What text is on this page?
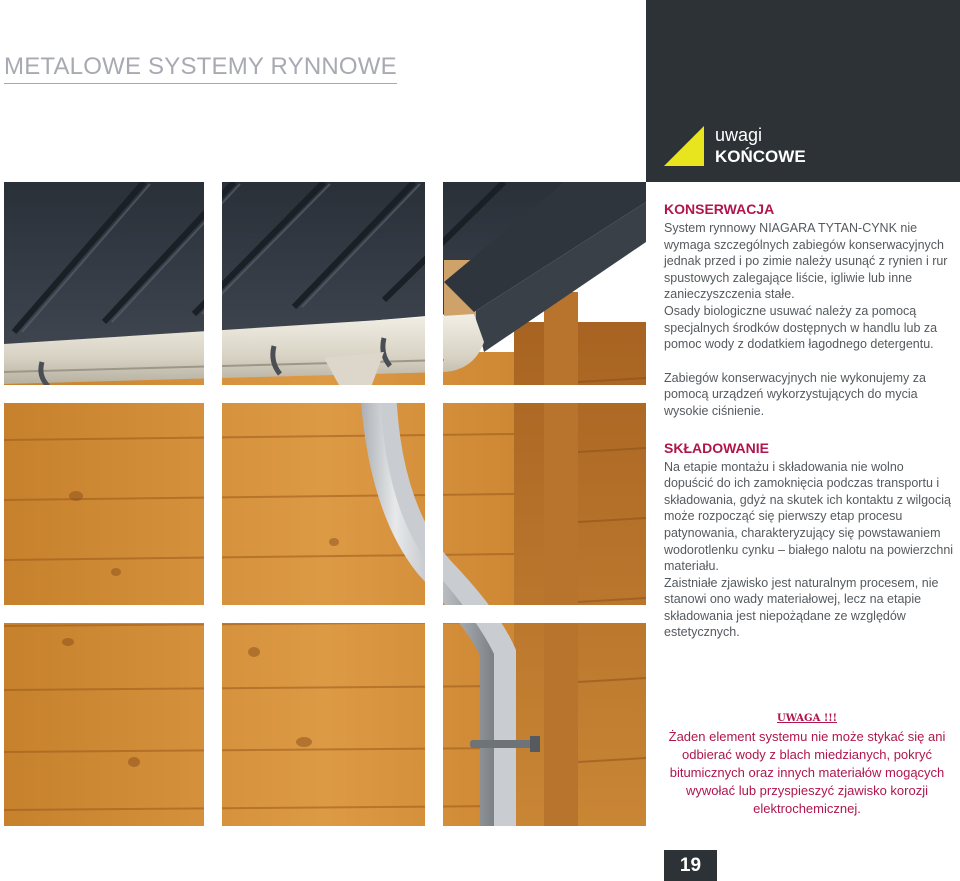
METALOWE SYSTEMY RYNNOWE
uwagi
KOŃCOWE
KONSERWACJA

System rynnowy NIAGARA TYTAN-CYNK nie wymaga szczególnych zabiegów konserwacyjnych jednak przed i po zimie należy usunąć z rynien i rur spustowych zalegające liście, igliwie lub inne zanieczyszczenia stałe.

Osady biologiczne usuwać należy za pomocą specjalnych środków dostępnych w handlu lub za pomoc wody z dodatkiem łagodnego detergentu.

Zabiegów konserwacyjnych nie wykonujemy za pomocą urządzeń wykorzystujących do mycia wysokie ciśnienie.

SKŁADOWANIE

Na etapie montażu i składowania nie wolno dopuścić do ich zamoknięcia podczas transportu i składowania, gdyż na skutek ich kontaktu z wilgocią może rozpocząć się pierwszy etap procesu patynowania, charakteryzujący się powstawaniem wodorotlenku cynku – białego nalotu na powierzchni materiału.

Zaistniałe zjawisko jest naturalnym procesem, nie stanowi ono wady materiałowej, lecz na etapie składowania jest niepożądane ze względów estetycznych.

UWAGA !!!
Żaden element systemu nie może stykać się ani odbierać wody z blach miedzianych, pokryć bitumicznych oraz innych materiałów mogących wywołać lub przyspieszyć zjawisko korozji elektrochemicznej.
19
